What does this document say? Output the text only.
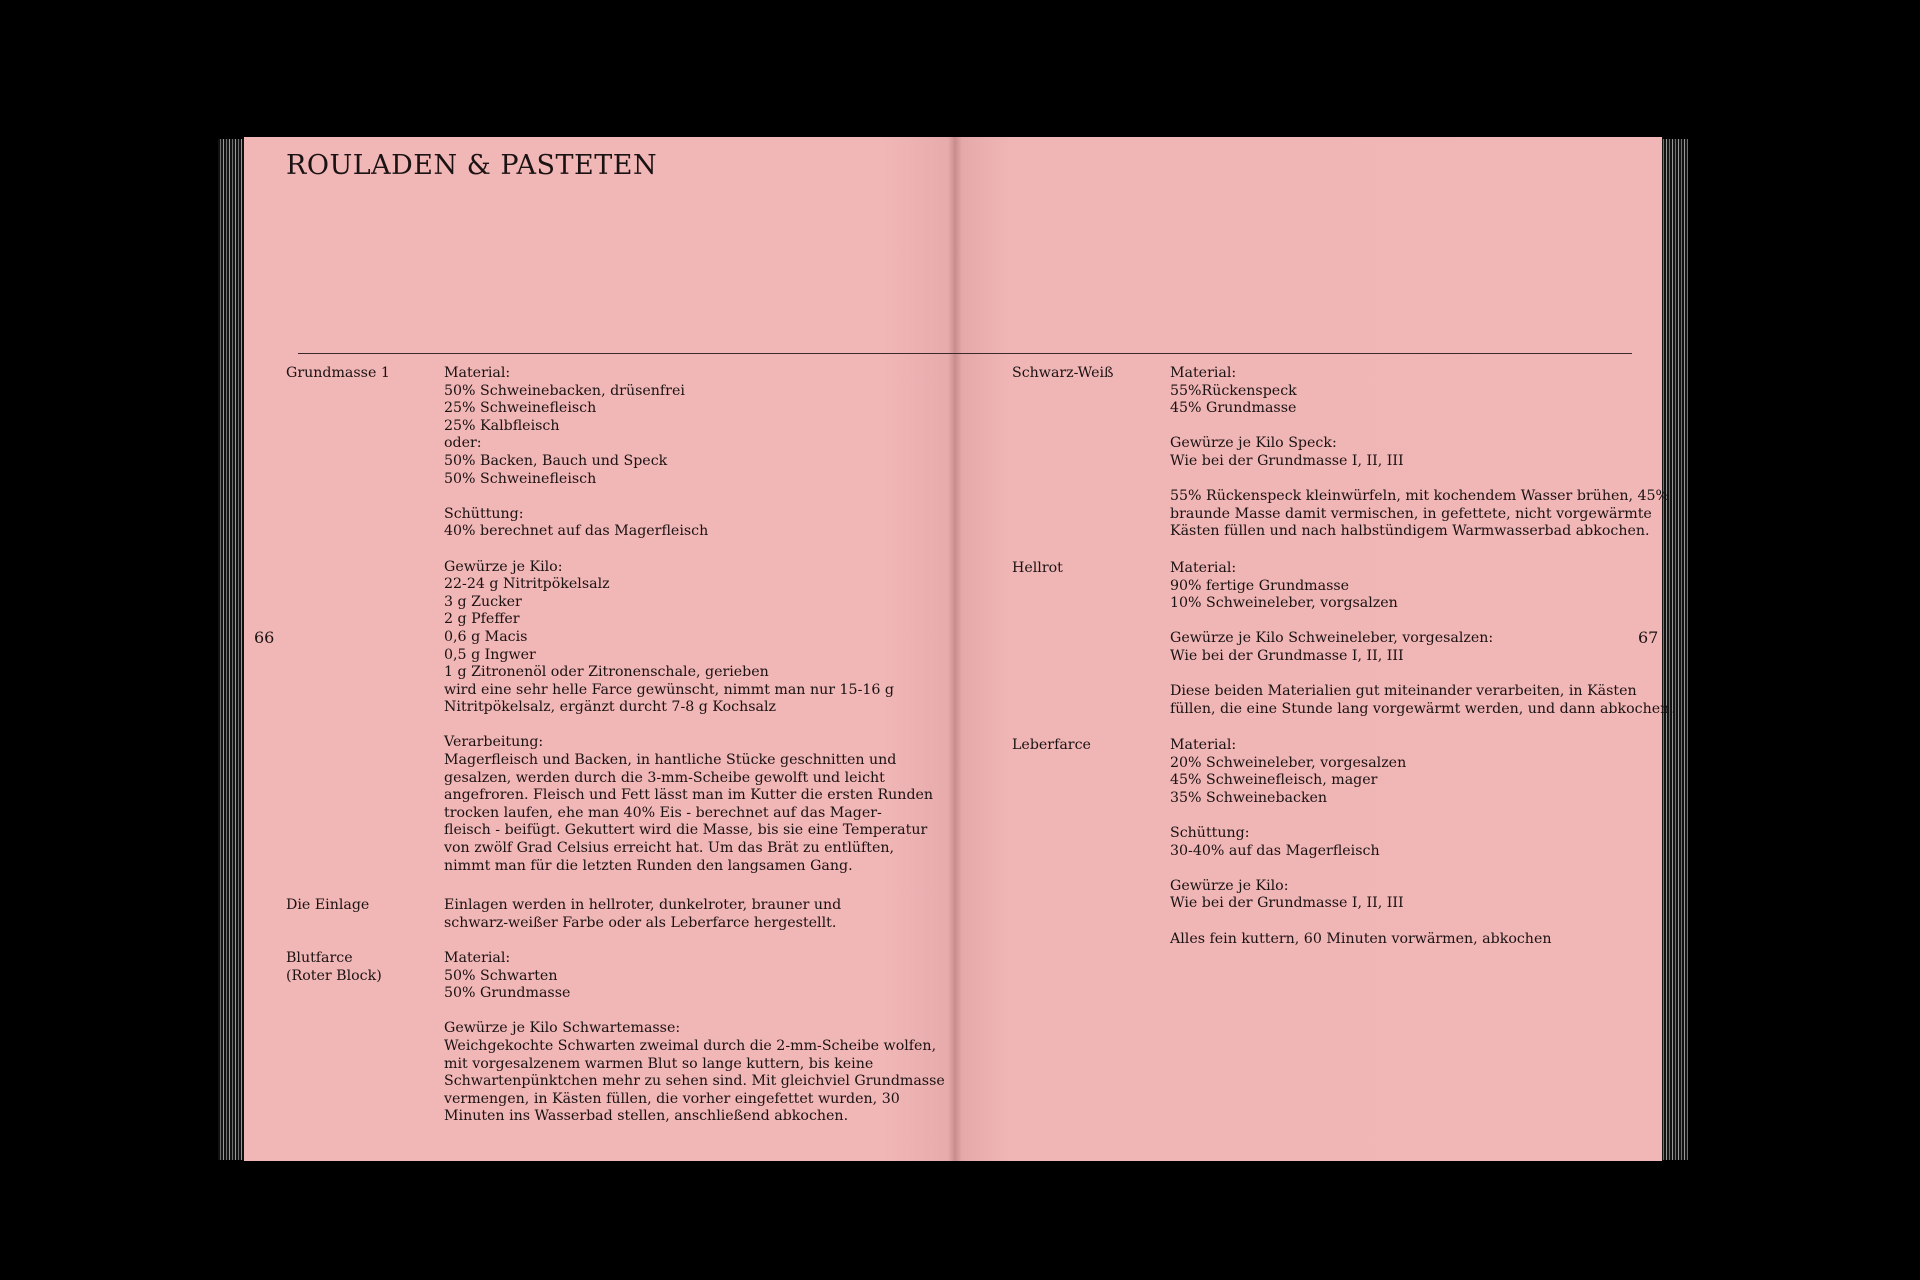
ROULADEN & PASTETEN
66	67
Grundmasse 1	Material:
50% Schweinebacken, drüsenfrei
25% Schweinefleisch
25% Kalbfleisch
oder:
50% Backen, Bauch und Speck
50% Schweinefleisch

Schüttung:
40% berechnet auf das Magerfleisch

Gewürze je Kilo:
22-24 g Nitritpökelsalz
3 g Zucker
2 g Pfeffer
0,6 g Macis
0,5 g Ingwer
1 g Zitronenöl oder Zitronenschale, gerieben
wird eine sehr helle Farce gewünscht, nimmt man nur 15-16 g
Nitritpökelsalz, ergänzt durcht 7-8 g Kochsalz

Verarbeitung:
Magerfleisch und Backen, in hantliche Stücke geschnitten und
gesalzen, werden durch die 3-mm-Scheibe gewolft und leicht
angefroren. Fleisch und Fett lässt man im Kutter die ersten Runden
trocken laufen, ehe man 40% Eis - berechnet auf das Mager-
fleisch - beifügt. Gekuttert wird die Masse, bis sie eine Temperatur
von zwölf Grad Celsius erreicht hat. Um das Brät zu entlüften,
nimmt man für die letzten Runden den langsamen Gang.
Die Einlage	Einlagen werden in hellroter, dunkelroter, brauner und
schwarz-weißer Farbe oder als Leberfarce hergestellt.
Blutfarce
(Roter Block)
Material:
50% Schwarten
50% Grundmasse

Gewürze je Kilo Schwartemasse:
Weichgekochte Schwarten zweimal durch die 2-mm-Scheibe wolfen,
mit vorgesalzenem warmen Blut so lange kuttern, bis keine
Schwartenpünktchen mehr zu sehen sind. Mit gleichviel Grundmasse
vermengen, in Kästen füllen, die vorher eingefettet wurden, 30
Minuten ins Wasserbad stellen, anschließend abkochen.
Schwarz-Weiß	Material:
55%Rückenspeck
45% Grundmasse

Gewürze je Kilo Speck:
Wie bei der Grundmasse I, II, III

55% Rückenspeck kleinwürfeln, mit kochendem Wasser brühen, 45%
braunde Masse damit vermischen, in gefettete, nicht vorgewärmte
Kästen füllen und nach halbstündigem Warmwasserbad abkochen.
Hellrot	Material:
90% fertige Grundmasse
10% Schweineleber, vorgsalzen

Gewürze je Kilo Schweineleber, vorgesalzen:
Wie bei der Grundmasse I, II, III

Diese beiden Materialien gut miteinander verarbeiten, in Kästen
füllen, die eine Stunde lang vorgewärmt werden, und dann abkochen.
Leberfarce	Material:
20% Schweineleber, vorgesalzen
45% Schweinefleisch, mager
35% Schweinebacken

Schüttung:
30-40% auf das Magerfleisch

Gewürze je Kilo:
Wie bei der Grundmasse I, II, III

Alles fein kuttern, 60 Minuten vorwärmen, abkochen
